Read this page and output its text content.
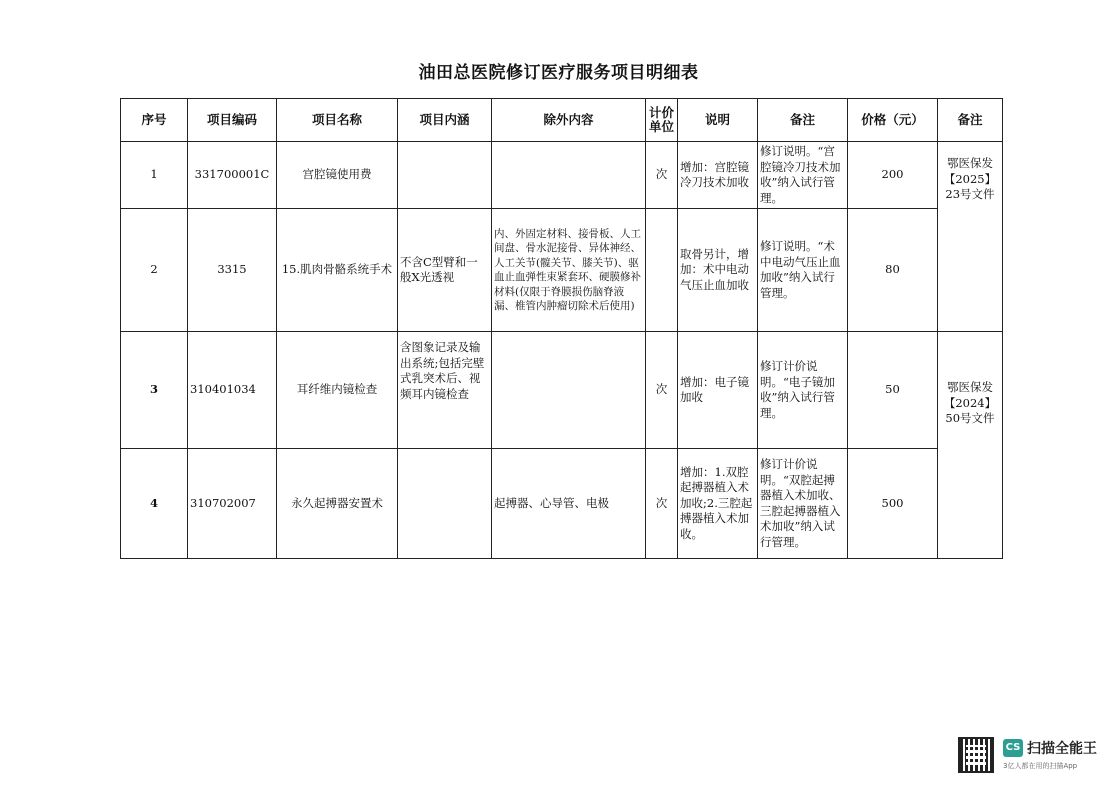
油田总医院修订医疗服务项目明细表
序号	项目编码	项目名称	项目内涵	除外内容	计价单位	说明	备注	价格（元）	备注
1	331700001C	宫腔镜使用费			次	增加：宫腔镜冷刀技术加收	修订说明。“宫腔镜冷刀技术加收”纳入试行管理。	200	鄂医保发【2025】23号文件
2	3315	15.肌肉骨骼系统手术	不含C型臂和一般X光透视	内、外固定材料、接骨板、人工间盘、骨水泥接骨、异体神经、人工关节(髋关节、膝关节)、驱血止血弹性束紧套环、硬膜修补材料(仅限于脊膜损伤脑脊液漏、椎管内肿瘤切除术后使用)		取骨另计，增加：术中电动气压止血加收	修订说明。“术中电动气压止血加收”纳入试行管理。	80	
3	310401034	耳纤维内镜检查	含图象记录及输出系统;包括完壁式乳突术后、视频耳内镜检查		次	增加：电子镜加收	修订计价说明。“电子镜加收”纳入试行管理。	50	鄂医保发【2024】50号文件
4	310702007	永久起搏器安置术		起搏器、心导管、电极	次	增加：1.双腔起搏器植入术加收;2.三腔起搏器植入术加收。	修订计价说明。“双腔起搏器植入术加收、三腔起搏器植入术加收”纳入试行管理。	500	
CS 扫描全能王
3亿人都在用的扫描App
